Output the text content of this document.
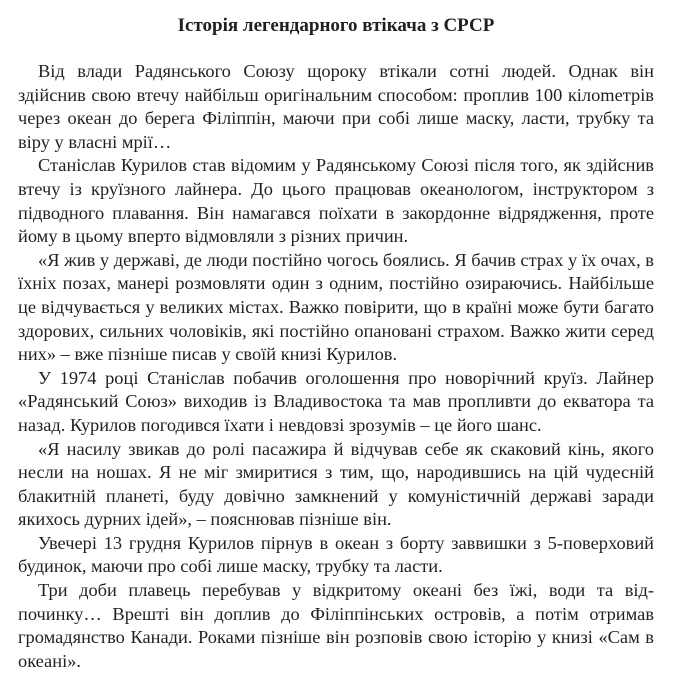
Історія легендарного втікача з СРСР

Від влади Радянського Союзу щороку втікали сотні людей. Однак він здійснив свою втечу найбільш оригінальним способом: проплив 100 кілоmетрів через океан до берега Філіппін, маючи при собі лише маску, ласти, трубку та віру у власні мрії…

Станіслав Курилов став відомим у Радянському Союзі після того, як здійснив втечу із круїзного лайнера. До цього працював океанологом, інструктором з підводного плавання. Він намагався поїхати в закордонне відрядження, проте йому в цьому вперто відмовляли з різних причин.

«Я жив у державі, де люди постійно чогось боялись. Я бачив страх у їх очах, в їхніх позах, манері розмовляти один з одним, постійно озираючись. Найбільше це відчувається у великих містах. Важко повірити, що в країні може бути багато здорових, сильних чоловіків, які постійно опановані страхом. Важко жити серед них» – вже пізніше писав у своїй книзі Курилов.

У 1974 році Станіслав побачив оголошення про новорічний круїз. Лайнер «Радянський Союз» виходив із Владивостока та мав пропливти до екватора та назад. Курилов погодився їхати і невдовзі зрозумів – це його шанс.

«Я насилу звикав до ролі пасажира й відчував себе як скаковий кінь, якого несли на ношах. Я не міг змиритися з тим, що, народившись на цій чудесній блакитній планеті, буду довічно замкнений у комуністичній державі заради якихось дурних ідей», – пояснював пізніше він.

Увечері 13 грудня Курилов пірнув в океан з борту заввишки з 5-поверховий будинок, маючи про собі лише маску, трубку та ласти.

Три доби плавець перебував у відкритому океані без їжі, води та відпочинку… Врешті він доплив до Філіппінських островів, а потім отримав громадянство Канади. Роками пізніше він розповів свою історію у книзі «Сам в океані».
